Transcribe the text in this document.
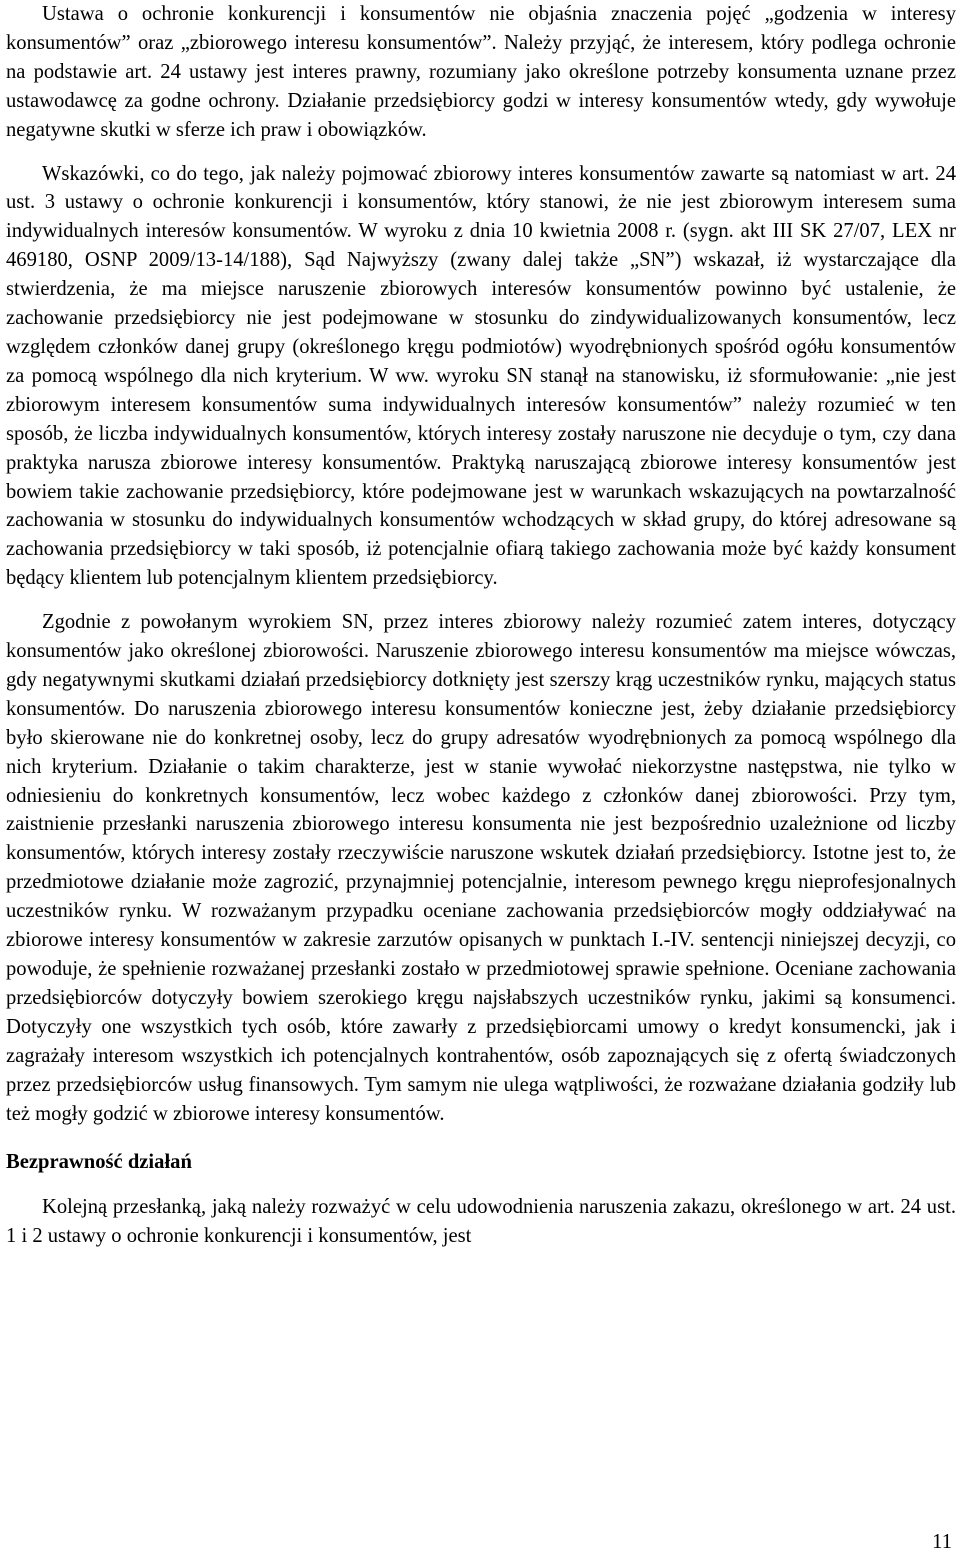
Ustawa o ochronie konkurencji i konsumentów nie objaśnia znaczenia pojęć „godzenia w interesy konsumentów” oraz „zbiorowego interesu konsumentów”. Należy przyjąć, że interesem, który podlega ochronie na podstawie art. 24 ustawy jest interes prawny, rozumiany jako określone potrzeby konsumenta uznane przez ustawodawcę za godne ochrony. Działanie przedsiębiorcy godzi w interesy konsumentów wtedy, gdy wywołuje negatywne skutki w sferze ich praw i obowiązków.

Wskazówki, co do tego, jak należy pojmować zbiorowy interes konsumentów zawarte są natomiast w art. 24 ust. 3 ustawy o ochronie konkurencji i konsumentów, który stanowi, że nie jest zbiorowym interesem suma indywidualnych interesów konsumentów. W wyroku z dnia 10 kwietnia 2008 r. (sygn. akt III SK 27/07, LEX nr 469180, OSNP 2009/13-14/188), Sąd Najwyższy (zwany dalej także „SN”) wskazał, iż wystarczające dla stwierdzenia, że ma miejsce naruszenie zbiorowych interesów konsumentów powinno być ustalenie, że zachowanie przedsiębiorcy nie jest podejmowane w stosunku do zindywidualizowanych konsumentów, lecz względem członków danej grupy (określonego kręgu podmiotów) wyodrębnionych spośród ogółu konsumentów za pomocą wspólnego dla nich kryterium. W ww. wyroku SN stanął na stanowisku, iż sformułowanie: „nie jest zbiorowym interesem konsumentów suma indywidualnych interesów konsumentów” należy rozumieć w ten sposób, że liczba indywidualnych konsumentów, których interesy zostały naruszone nie decyduje o tym, czy dana praktyka narusza zbiorowe interesy konsumentów. Praktyką naruszającą zbiorowe interesy konsumentów jest bowiem takie zachowanie przedsiębiorcy, które podejmowane jest w warunkach wskazujących na powtarzalność zachowania w stosunku do indywidualnych konsumentów wchodzących w skład grupy, do której adresowane są zachowania przedsiębiorcy w taki sposób, iż potencjalnie ofiarą takiego zachowania może być każdy konsument będący klientem lub potencjalnym klientem przedsiębiorcy.

Zgodnie z powołanym wyrokiem SN, przez interes zbiorowy należy rozumieć zatem interes, dotyczący konsumentów jako określonej zbiorowości. Naruszenie zbiorowego interesu konsumentów ma miejsce wówczas, gdy negatywnymi skutkami działań przedsiębiorcy dotknięty jest szerszy krąg uczestników rynku, mających status konsumentów. Do naruszenia zbiorowego interesu konsumentów konieczne jest, żeby działanie przedsiębiorcy było skierowane nie do konkretnej osoby, lecz do grupy adresatów wyodrębnionych za pomocą wspólnego dla nich kryterium. Działanie o takim charakterze, jest w stanie wywołać niekorzystne następstwa, nie tylko w odniesieniu do konkretnych konsumentów, lecz wobec każdego z członków danej zbiorowości. Przy tym, zaistnienie przesłanki naruszenia zbiorowego interesu konsumenta nie jest bezpośrednio uzależnione od liczby konsumentów, których interesy zostały rzeczywiście naruszone wskutek działań przedsiębiorcy. Istotne jest to, że przedmiotowe działanie może zagrozić, przynajmniej potencjalnie, interesom pewnego kręgu nieprofesjonalnych uczestników rynku. W rozważanym przypadku oceniane zachowania przedsiębiorców mogły oddziaływać na zbiorowe interesy konsumentów w zakresie zarzutów opisanych w punktach I.-IV. sentencji niniejszej decyzji, co powoduje, że spełnienie rozważanej przesłanki zostało w przedmiotowej sprawie spełnione. Oceniane zachowania przedsiębiorców dotyczyły bowiem szerokiego kręgu najsłabszych uczestników rynku, jakimi są konsumenci. Dotyczyły one wszystkich tych osób, które zawarły z przedsiębiorcami umowy o kredyt konsumencki, jak i zagrażały interesom wszystkich ich potencjalnych kontrahentów, osób zapoznających się z ofertą świadczonych przez przedsiębiorców usług finansowych. Tym samym nie ulega wątpliwości, że rozważane działania godziły lub też mogły godzić w zbiorowe interesy konsumentów.

Bezprawność działań

Kolejną przesłanką, jaką należy rozważyć w celu udowodnienia naruszenia zakazu, określonego w art. 24 ust. 1 i 2 ustawy o ochronie konkurencji i konsumentów, jest

11
